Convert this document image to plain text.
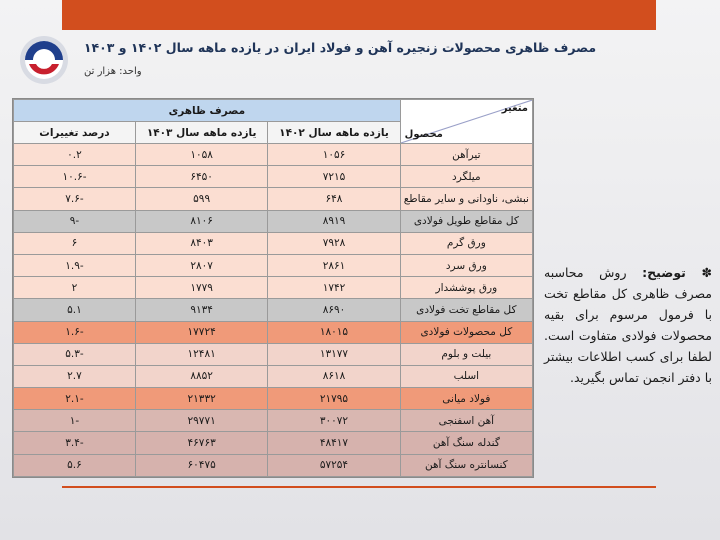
مصرف ظاهری محصولات زنجیره آهن و فولاد ایران در یازده ماهه سال ۱۴۰۲ و ۱۴۰۳
واحد: هزار تن
متغیر
محصول	مصرف ظاهری		
	یازده ماهه سال ۱۴۰۲	یازده ماهه سال ۱۴۰۳	درصد تغییرات
تیرآهن	۱۰۵۶	۱۰۵۸	۰.۲
میلگرد	۷۲۱۵	۶۴۵۰	-۱۰.۶
نبشی، ناودانی و سایر مقاطع	۶۴۸	۵۹۹	-۷.۶
کل مقاطع طویل فولادی	۸۹۱۹	۸۱۰۶	-۹
ورق گرم	۷۹۲۸	۸۴۰۳	۶
ورق سرد	۲۸۶۱	۲۸۰۷	-۱.۹
ورق پوششدار	۱۷۴۲	۱۷۷۹	۲
کل مقاطع تخت فولادی	۸۶۹۰	۹۱۳۴	۵.۱
کل محصولات فولادی	۱۸۰۱۵	۱۷۷۲۴	-۱.۶
بیلت و بلوم	۱۳۱۷۷	۱۲۴۸۱	-۵.۳
اسلب	۸۶۱۸	۸۸۵۲	۲.۷
فولاد میانی	۲۱۷۹۵	۲۱۳۳۲	-۲.۱
آهن اسفنجی	۳۰۰۷۲	۲۹۷۷۱	-۱
گندله سنگ آهن	۴۸۴۱۷	۴۶۷۶۳	-۳.۴
کنسانتره سنگ آهن	۵۷۲۵۴	۶۰۴۷۵	۵.۶
✽ توضیح: روش محاسبه مصرف ظاهری کل مقاطع تخت با فرمول مرسوم برای بقیه محصولات فولادی متفاوت است. لطفا برای کسب اطلاعات بیشتر با دفتر انجمن تماس بگیرید.
